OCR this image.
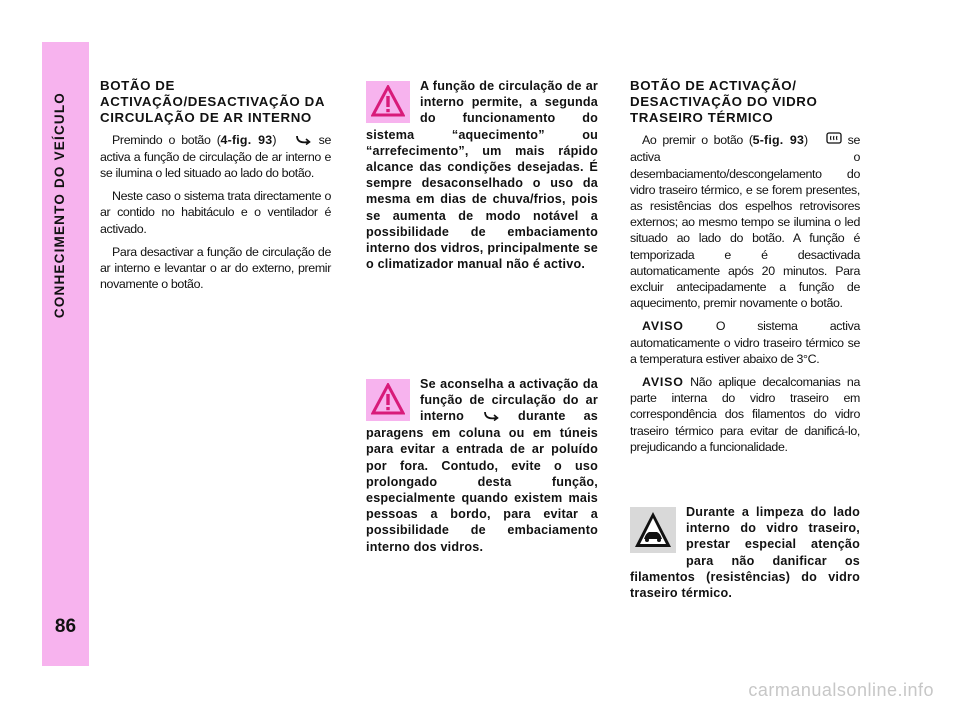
CONHECIMENTO DO VEÍCULO
86
BOTÃO DE ACTIVAÇÃO/DESACTIVAÇÃO DA CIRCULAÇÃO DE AR INTERNO

Premindo o botão (4-fig. 93)	se activa a função de circulação de ar interno e se ilumina o led situado ao lado do botão.

Neste caso o sistema trata directamente o ar contido no habitáculo e o ventilador é activado.

Para desactivar a função de circulação de ar interno e levantar o ar do externo, premir novamente o botão.

A função de circulação de ar interno permite, a segunda do funcionamento do sistema “aquecimento” ou “arrefecimento”, um mais rápido alcance das condições desejadas. É sempre desaconselhado o uso da mesma em dias de chuva/frios, pois se aumenta de modo notável a possibilidade de embaciamento interno dos vidros, principalmente se o climatizador manual não é activo.
Se aconselha a activação da função de circulação do ar interno	durante as paragens em coluna ou em túneis para evitar a entrada de ar poluído por fora. Contudo, evite o uso prolongado desta função, especialmente quando existem mais pessoas a bordo, para evitar a possibilidade de embaciamento interno dos vidros.
BOTÃO DE ACTIVAÇÃO/ DESACTIVAÇÃO DO VIDRO TRASEIRO TÉRMICO

Ao premir o botão (5-fig. 93)	se activa o desembaciamento/descongelamento do vidro traseiro térmico, e se forem presentes, as resistências dos espelhos retrovisores externos; ao mesmo tempo se ilumina o led situado ao lado do botão. A função é temporizada e é desactivada automaticamente após 20 minutos. Para excluir antecipadamente a função de aquecimento, premir novamente o botão.

AVISO	O sistema activa automaticamente o vidro traseiro térmico se a temperatura estiver abaixo de 3°C.

AVISO Não aplique decalcomanias na parte interna do vidro traseiro em correspondência dos filamentos do vidro traseiro térmico para evitar de danificá-lo, prejudicando a funcionalidade.

Durante a limpeza do lado interno do vidro traseiro, prestar especial atenção para não danificar os filamentos (resistências) do vidro traseiro térmico.
carmanualsonline.info
